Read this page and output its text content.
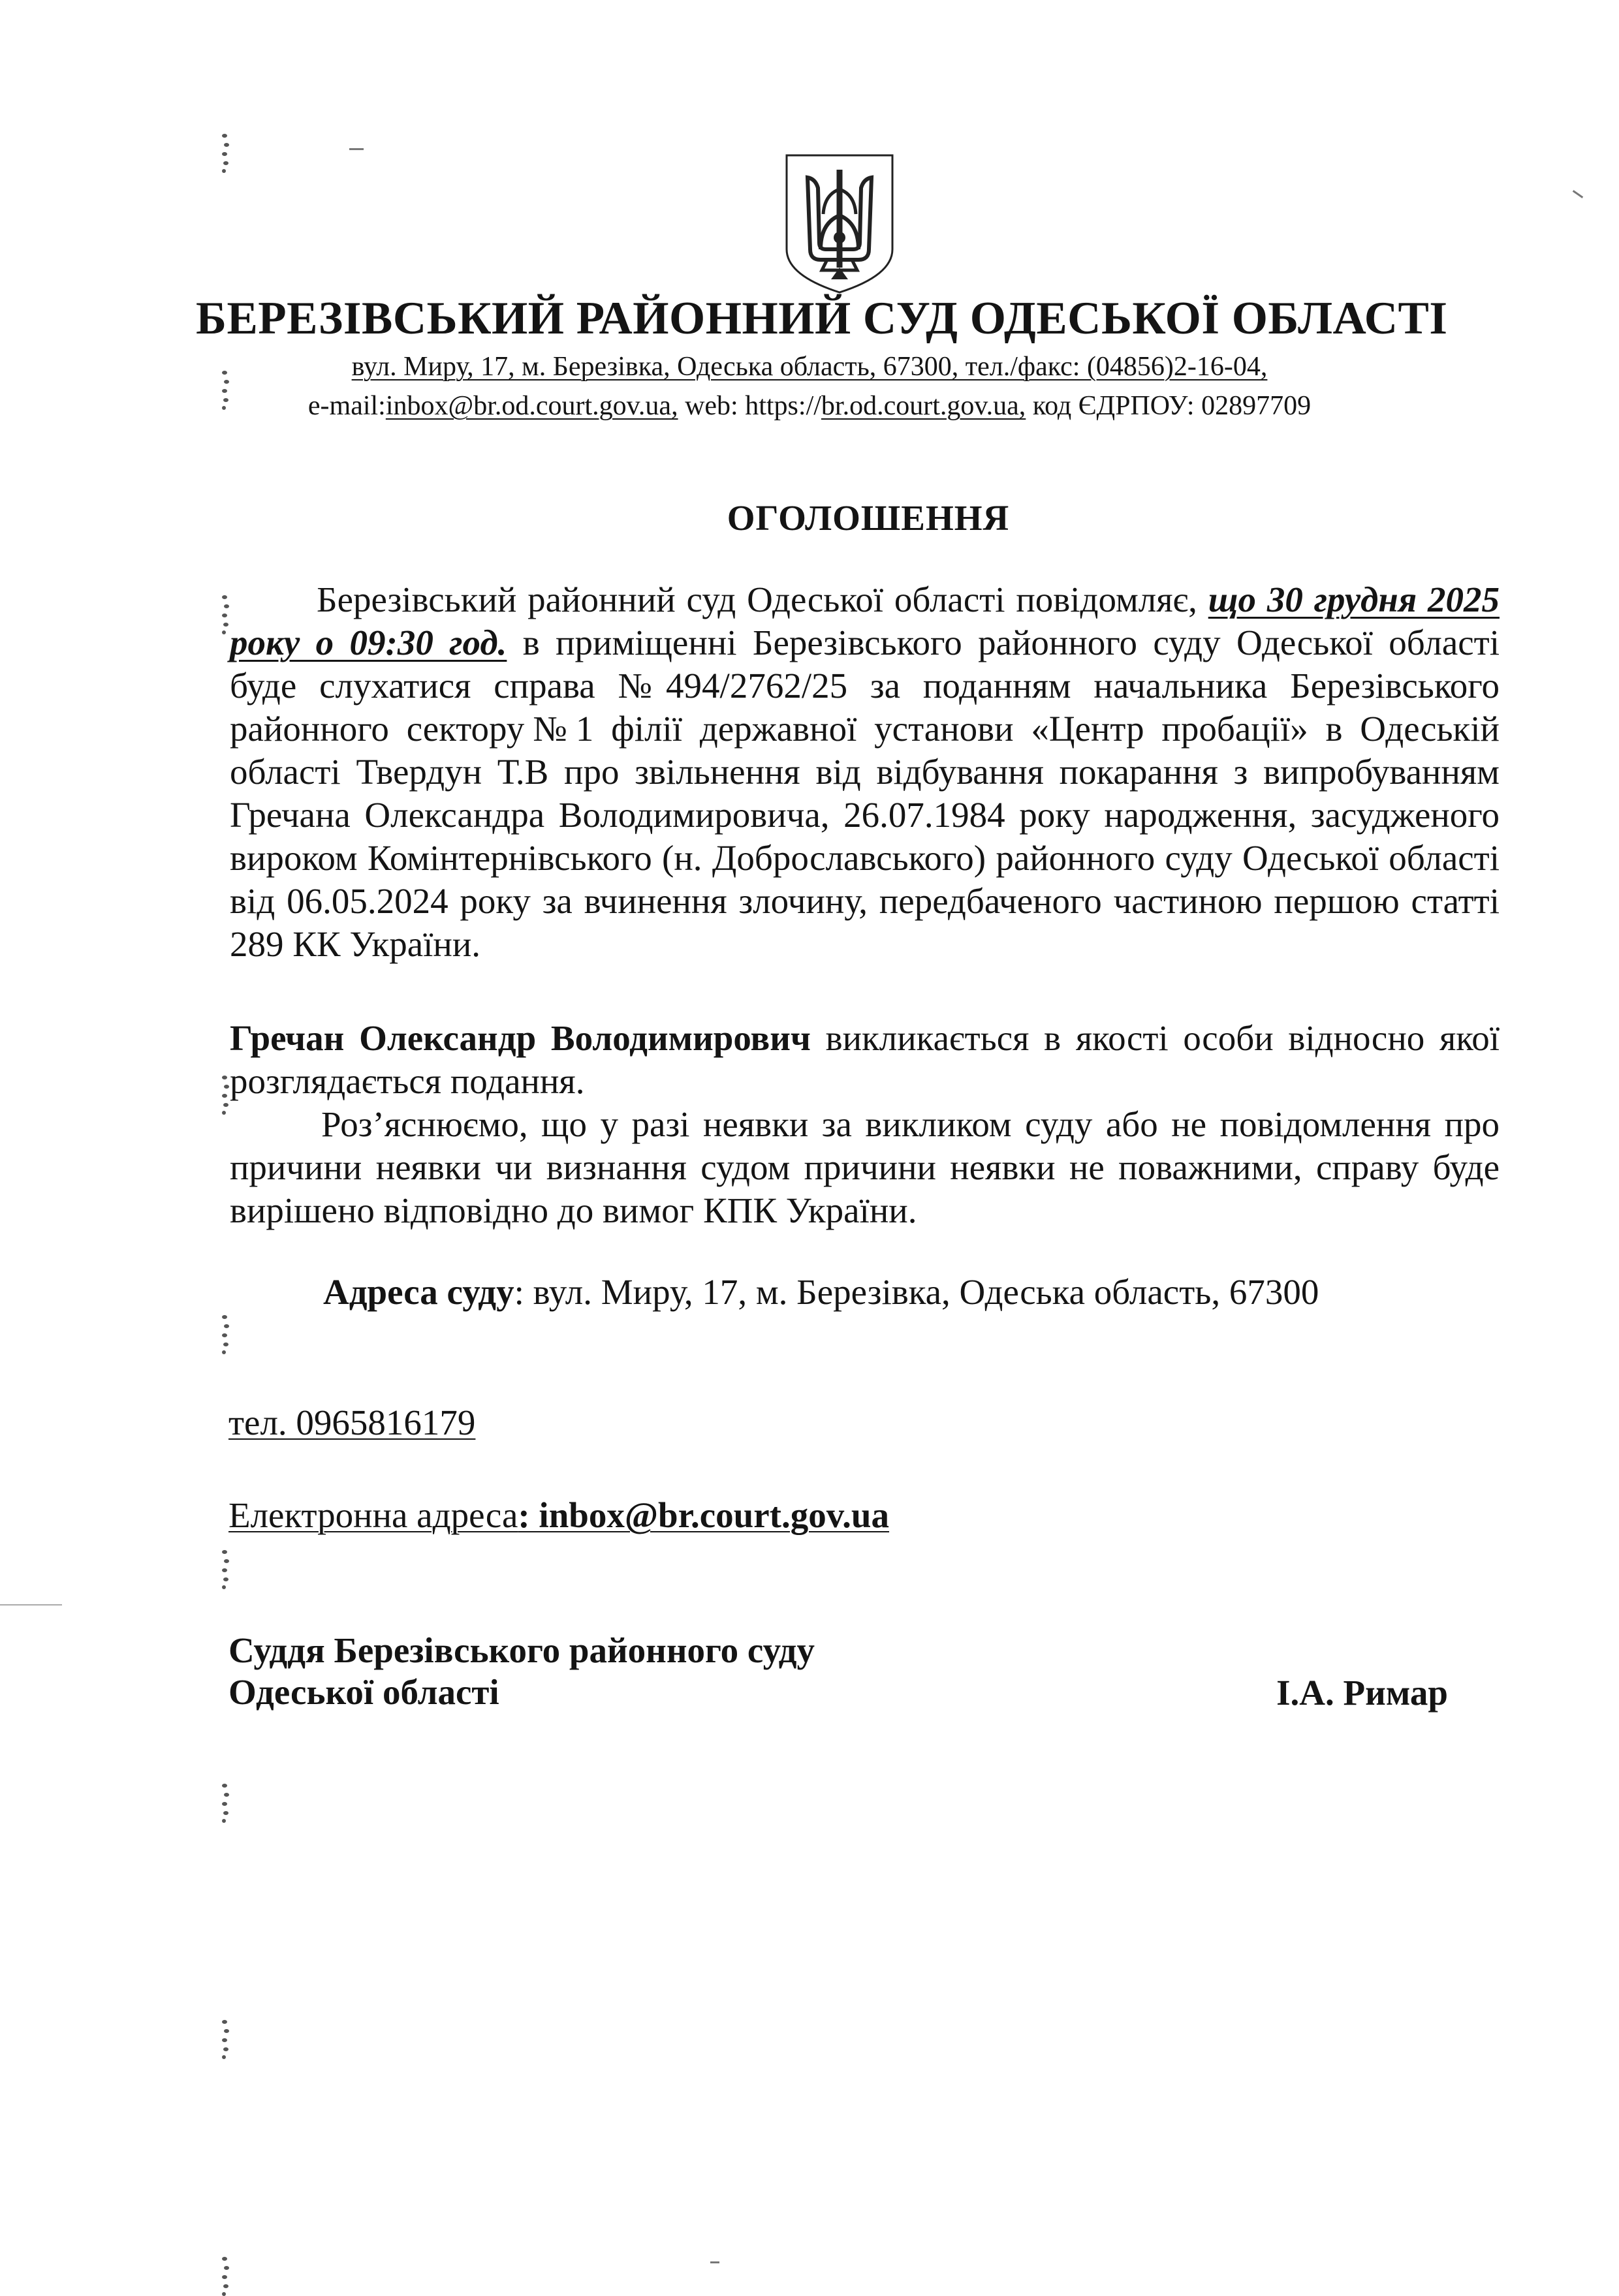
БЕРЕЗІВСЬКИЙ РАЙОННИЙ СУД ОДЕСЬКОЇ ОБЛАСТІ
вул. Миру, 17, м. Березівка, Одеська область, 67300, тел./факс: (04856)2-16-04,
e-mail:inbox@br.od.court.gov.ua, web: https://br.od.court.gov.ua, код ЄДРПОУ: 02897709
ОГОЛОШЕННЯ
Березівський районний суд Одеської області повідомляє, що 30 грудня 2025 року о 09:30 год. в приміщенні Березівського районного суду Одеської області буде слухатися справа №494/2762/25 за поданням начальника Березівського районного сектору№1 філії державної установи «Центр пробації» в Одеській області Твердун Т.В про звільнення від відбування покарання з випробуванням Гречана Олександра Володимировича, 26.07.1984 року народження, засудженого вироком Комінтернівського (н. Доброславського) районного суду Одеської області від 06.05.2024 року за вчинення злочину, передбаченого частиною першою статті 289 КК України.
Гречан Олександр Володимирович викликається в якості особи відносно якої розглядається подання.
Роз’яснюємо, що у разі неявки за викликом суду або не повідомлення про причини неявки чи визнання судом причини неявки не поважними, справу буде вирішено відповідно до вимог КПК України.
Адреса суду: вул. Миру, 17, м. Березівка, Одеська область, 67300
тел. 0965816179
Електронна адреса: inbox@br.court.gov.ua
Суддя Березівського районного суду
Одеської області	І.А. Римар
